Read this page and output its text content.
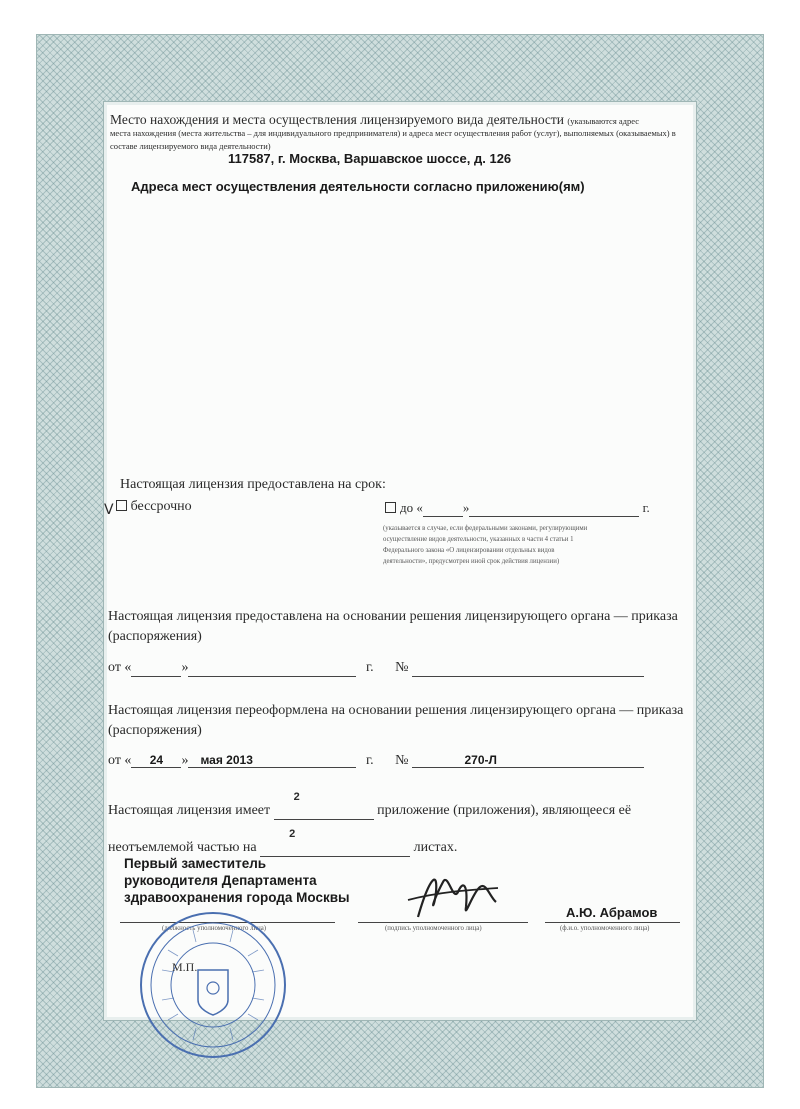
Место нахождения и места осуществления лицензируемого вида деятельности (указываются адрес
места нахождения (места жительства – для индивидуального предпринимателя) и адреса мест осуществления работ (услуг), выполняемых (оказываемых) в составе лицензируемого вида деятельности)
117587, г. Москва, Варшавское шоссе, д. 126
Адреса мест осуществления деятельности согласно приложению(ям)
Настоящая лицензия предоставлена на срок:
V бессрочно	до «	»	г.
(указывается в случае, если федеральными законами, регулирующими осуществление видов деятельности, указанных в части 4 статьи 1 Федерального закона «О лицензировании отдельных видов деятельности», предусмотрен иной срок действия лицензии)
Настоящая лицензия предоставлена на основании решения лицензирующего органа — приказа (распоряжения)
от «	»	г. №
Настоящая лицензия переоформлена на основании решения лицензирующего органа — приказа (распоряжения)
от « 24 » мая 2013	г. №	270-Л
Настоящая лицензия имеет
2
приложение (приложения), являющееся её
неотъемлемой частью на
2
листах.
Первый заместитель руководителя Департамента здравоохранения города Москвы
(должность уполномоченного лица)	(подпись уполномоченного лица)
А.Ю. Абрамов
(ф.и.о. уполномоченного лица)
М.П.
